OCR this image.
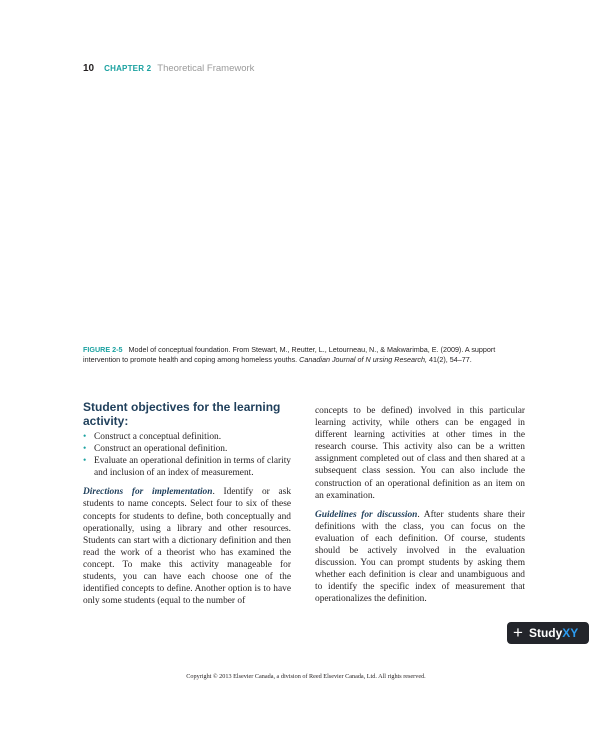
10 CHAPTER 2 Theoretical Framework
FIGURE 2-5 Model of conceptual foundation. From Stewart, M., Reutter, L., Letourneau, N., & Makwarimba, E. (2009). A support intervention to promote health and coping among homeless youths. Canadian Journal of N ursing Research, 41(2), 54–77.
Student objectives for the learning activity:
• Construct a conceptual definition.
• Construct an operational definition.
• Evaluate an operational definition in terms of clarity and inclusion of an index of measurement.

Directions for implementation. Identify or ask students to name concepts. Select four to six of these concepts for students to define, both conceptually and operationally, using a library and other resources. Students can start with a dictionary definition and then read the work of a theorist who has examined the concept. To make this activity manageable for students, you can have each choose one of the identified concepts to define. Another option is to have only some students (equal to the number of

concepts to be defined) involved in this particular learning activity, while others can be engaged in different learning activities at other times in the research course. This activity also can be a written assignment completed out of class and then shared at a subsequent class session. You can also include the construction of an operational definition as an item on an examination.

Guidelines for discussion. After students share their definitions with the class, you can focus on the evaluation of each definition. Of course, students should be actively involved in the evaluation discussion. You can prompt students by asking them whether each definition is clear and unambiguous and to identify the specific index of measurement that operationalizes the definition.

+ Study XY
Copyright © 2013 Elsevier Canada, a division of Reed Elsevier Canada, Ltd. All rights reserved.
